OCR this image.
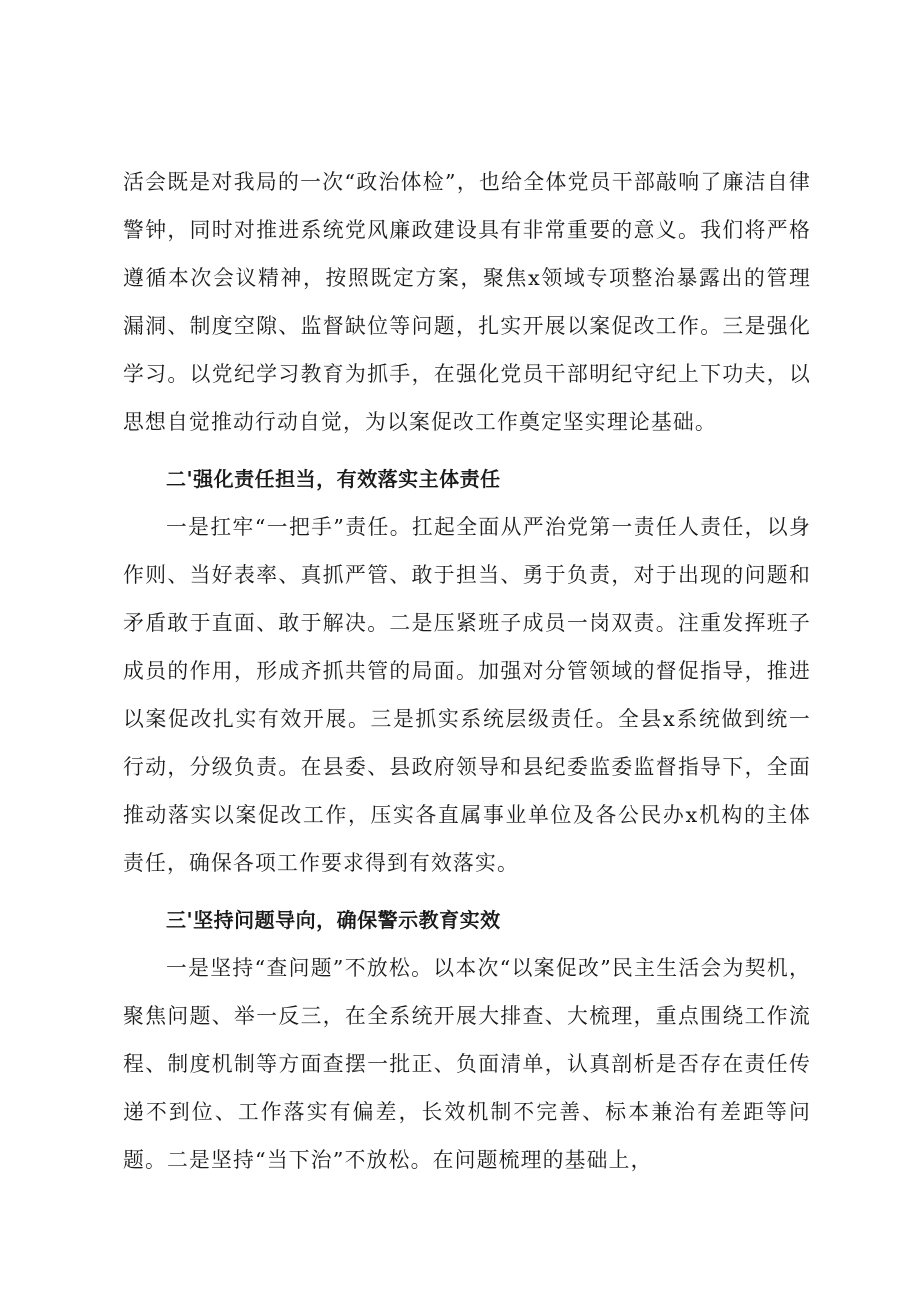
活会既是对我局的一次“政治体检”，也给全体党员干部敲响了廉洁自律警钟，同时对推进系统党风廉政建设具有非常重要的意义。我们将严格遵循本次会议精神，按照既定方案，聚焦x领域专项整治暴露出的管理漏洞、制度空隙、监督缺位等问题，扎实开展以案促改工作。三是强化学习。以党纪学习教育为抓手，在强化党员干部明纪守纪上下功夫，以思想自觉推动行动自觉，为以案促改工作奠定坚实理论基础。

二'强化责任担当，有效落实主体责任

一是扛牢“一把手”责任。扛起全面从严治党第一责任人责任，以身作则、当好表率、真抓严管、敢于担当、勇于负责，对于出现的问题和矛盾敢于直面、敢于解决。二是压紧班子成员一岗双责。注重发挥班子成员的作用，形成齐抓共管的局面。加强对分管领域的督促指导，推进以案促改扎实有效开展。三是抓实系统层级责任。全县x系统做到统一行动，分级负责。在县委、县政府领导和县纪委监委监督指导下，全面推动落实以案促改工作，压实各直属事业单位及各公民办x机构的主体责任，确保各项工作要求得到有效落实。

三'坚持问题导向，确保警示教育实效

一是坚持“查问题”不放松。以本次“以案促改”民主生活会为契机，聚焦问题、举一反三，在全系统开展大排查、大梳理，重点围绕工作流程、制度机制等方面查摆一批正、负面清单，认真剖析是否存在责任传递不到位、工作落实有偏差，长效机制不完善、标本兼治有差距等问题。二是坚持“当下治”不放松。在问题梳理的基础上，
